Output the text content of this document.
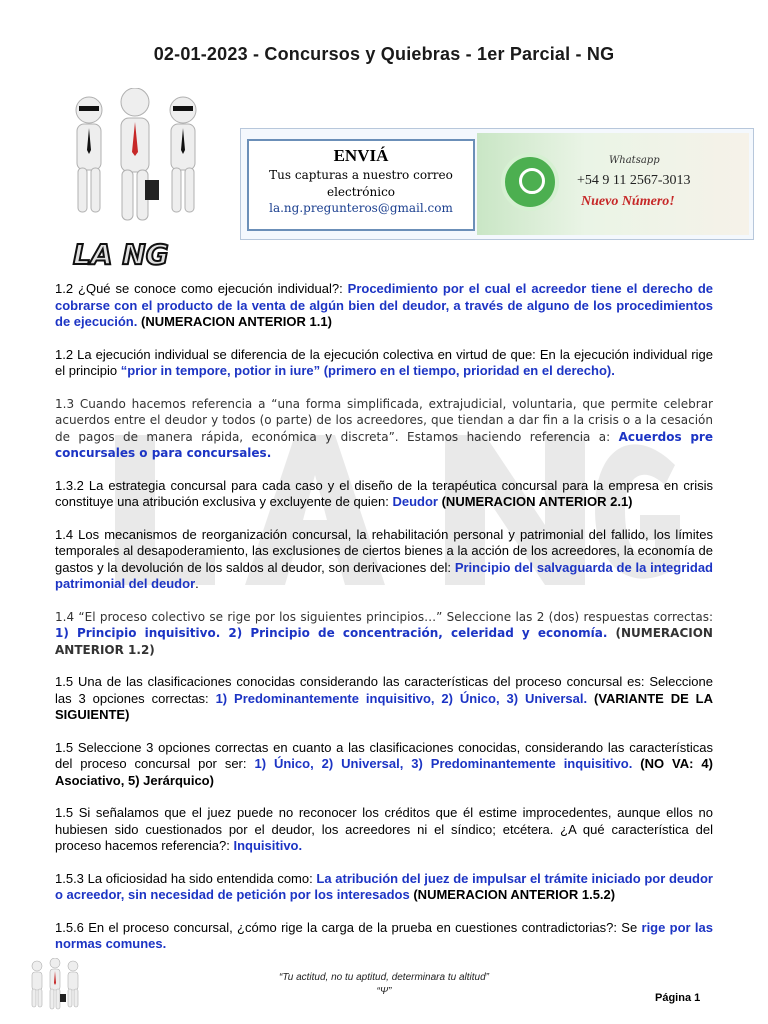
02-01-2023 - Concursos y Quiebras - 1er Parcial - NG
LA NG
ENVIÁ
Tus capturas a nuestro correo
electrónico
la.ng.pregunteros@gmail.com
Whatsapp
+54 9 11 2567-3013
Nuevo Número!

1.2 ¿Qué se conoce como ejecución individual?: Procedimiento por el cual el acreedor tiene el derecho de cobrarse con el producto de la venta de algún bien del deudor, a través de alguno de los procedimientos de ejecución. (NUMERACION ANTERIOR 1.1)

1.2 La ejecución individual se diferencia de la ejecución colectiva en virtud de que: En la ejecución individual rige el principio “prior in tempore, potior in iure” (primero en el tiempo, prioridad en el derecho).

1.3 Cuando hacemos referencia a “una forma simplificada, extrajudicial, voluntaria, que permite celebrar acuerdos entre el deudor y todos (o parte) de los acreedores, que tiendan a dar fin a la crisis o a la cesación de pagos de manera rápida, económica y discreta”. Estamos haciendo referencia a: Acuerdos pre concursales o para concursales.

1.3.2 La estrategia concursal para cada caso y el diseño de la terapéutica concursal para la empresa en crisis constituye una atribución exclusiva y excluyente de quien: Deudor (NUMERACION ANTERIOR 2.1)

1.4 Los mecanismos de reorganización concursal, la rehabilitación personal y patrimonial del fallido, los límites temporales al desapoderamiento, las exclusiones de ciertos bienes a la acción de los acreedores, la economía de gastos y la devolución de los saldos al deudor, son derivaciones del: Principio del salvaguarda de la integridad patrimonial del deudor.

1.4 “El proceso colectivo se rige por los siguientes principios…” Seleccione las 2 (dos) respuestas correctas: 1) Principio inquisitivo. 2) Principio de concentración, celeridad y economía. (NUMERACION ANTERIOR 1.2)

1.5 Una de las clasificaciones conocidas considerando las características del proceso concursal es: Seleccione las 3 opciones correctas: 1) Predominantemente inquisitivo, 2) Único, 3) Universal. (VARIANTE DE LA SIGUIENTE)

1.5 Seleccione 3 opciones correctas en cuanto a las clasificaciones conocidas, considerando las características del proceso concursal por ser: 1) Único, 2) Universal, 3) Predominantemente inquisitivo. (NO VA: 4) Asociativo, 5) Jerárquico)

1.5 Si señalamos que el juez puede no reconocer los créditos que él estime improcedentes, aunque ellos no hubiesen sido cuestionados por el deudor, los acreedores ni el síndico; etcétera. ¿A qué característica del proceso hacemos referencia?: Inquisitivo.

1.5.3 La oficiosidad ha sido entendida como: La atribución del juez de impulsar el trámite iniciado por deudor o acreedor, sin necesidad de petición por los interesados (NUMERACION ANTERIOR 1.5.2)

1.5.6 En el proceso concursal, ¿cómo rige la carga de la prueba en cuestiones contradictorias?: Se rige por las normas comunes.

“Tu actitud, no tu aptitud, determinara tu altitud”
“Ψ”
Página 1
